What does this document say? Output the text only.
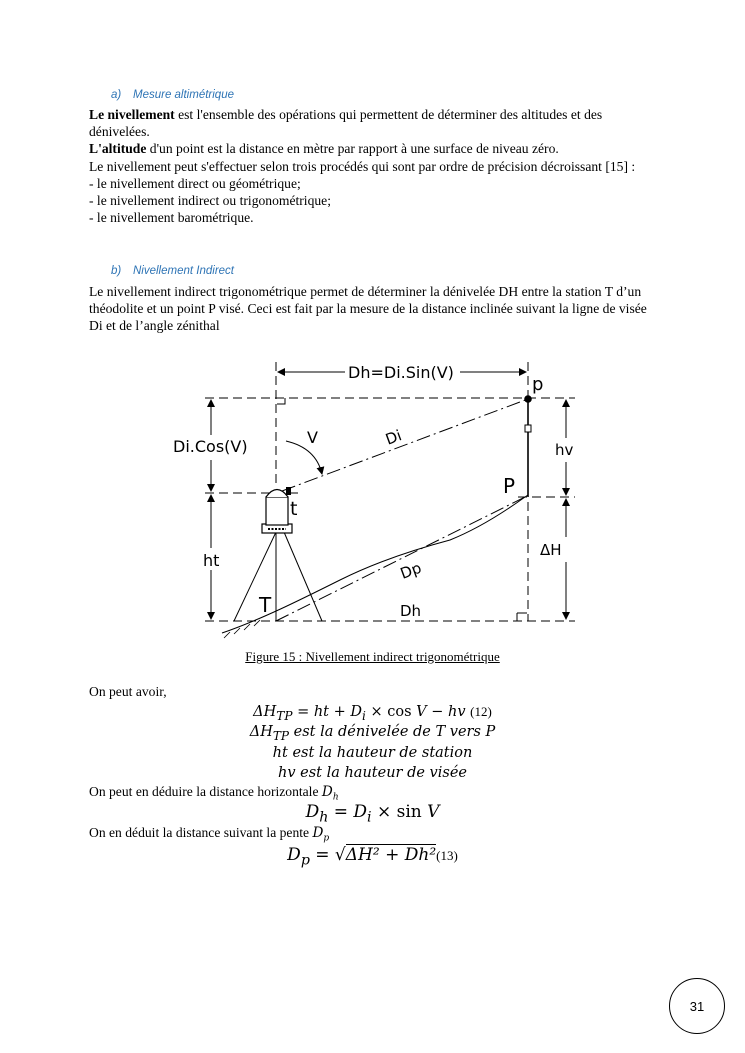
a) Mesure altimétrique

Le nivellement est l'ensemble des opérations qui permettent de déterminer des altitudes et des dénivelées.

L'altitude d'un point est la distance en mètre par rapport à une surface de niveau zéro.

Le nivellement peut s'effectuer selon trois procédés qui sont par ordre de précision décroissant [15] :

- le nivellement direct ou géométrique;

- le nivellement indirect ou trigonométrique;

- le nivellement barométrique.

b) Nivellement Indirect

Le nivellement indirect trigonométrique permet de déterminer la dénivelée DH entre la station T d’un théodolite et un point P visé. Ceci est fait par la mesure de la distance inclinée suivant la ligne de visée Di et de l’angle zénithal

Dh=Di.Sin(V)
p
P
Di.Cos(V)	V	Di
hv
t
ht
ΔH
Dp
T	Dh
Figure 15 : Nivellement indirect trigonométrique
On peut avoir,
$\Delta H_{TP}$ = ht + $D_i \times \cos V$ − hv (12)
$\Delta H_{TP}$ est la dénivelée de T vers P
ht est la hauteur de station
hv est la hauteur de visée
On peut en déduire la distance horizontale $D_h$
$D_h = D_i \times \sin V$
On en déduit la distance suivant la pente $D_p$
$D_p = √\Delta H^2 + Dh^2(13)$
31
